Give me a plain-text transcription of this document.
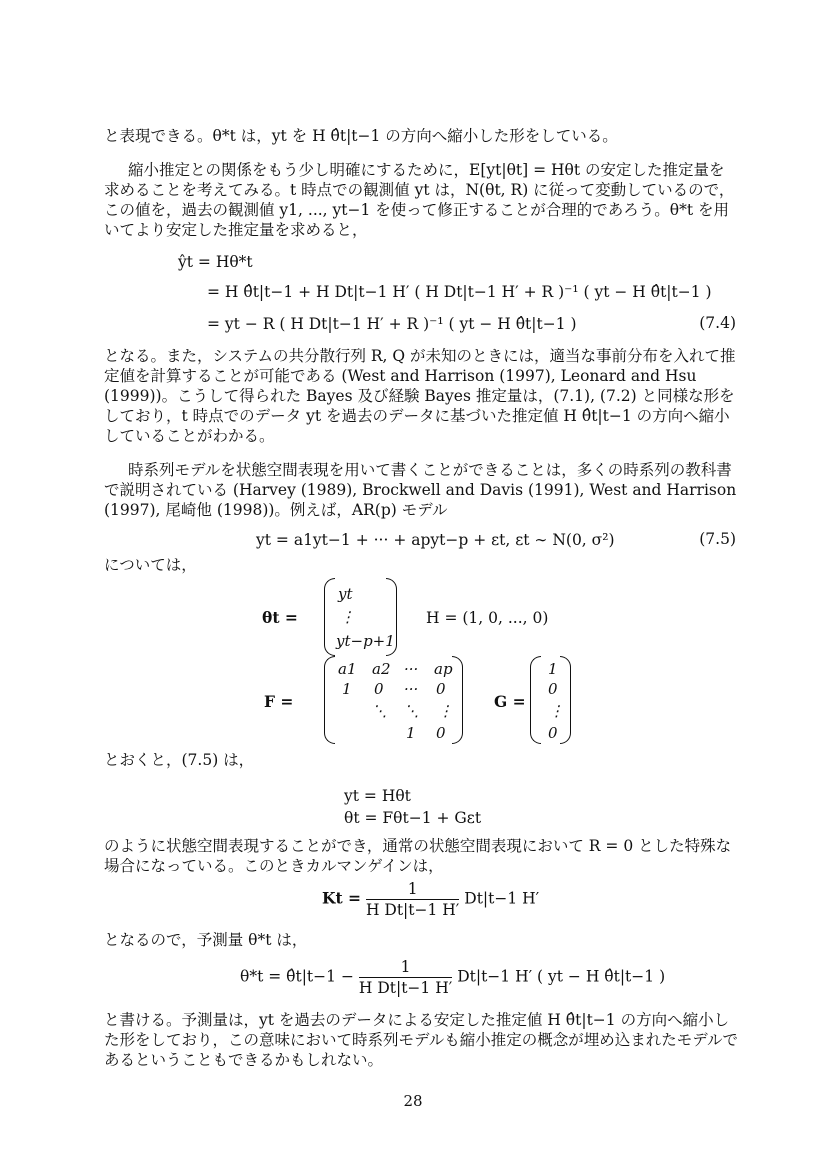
と表現できる。θ*t は，yt を H θ̂t|t−1 の方向へ縮小した形をしている。

縮小推定との関係をもう少し明確にするために，E[yt|θt] = Hθt の安定した推定量を求めることを考えてみる。t 時点での観測値 yt は，N(θt, R) に従って変動しているので，この値を，過去の観測値 y1, ..., yt−1 を使って修正することが合理的であろう。θ*t を用いてより安定した推定量を求めると，

ŷt = Hθ*t
= H θ̂t|t−1 + H Dt|t−1 H′ ( H Dt|t−1 H′ + R )⁻¹ ( yt − H θ̂t|t−1 )
= yt − R ( H Dt|t−1 H′ + R )⁻¹ ( yt − H θ̂t|t−1 )	(7.4)

となる。また，システムの共分散行列 R, Q が未知のときには，適当な事前分布を入れて推定値を計算することが可能である (West and Harrison (1997), Leonard and Hsu (1999))。こうして得られた Bayes 及び経験 Bayes 推定量は，(7.1), (7.2) と同様な形をしており，t 時点でのデータ yt を過去のデータに基づいた推定値 H θ̂t|t−1 の方向へ縮小していることがわかる。

時系列モデルを状態空間表現を用いて書くことができることは，多くの時系列の教科書で説明されている (Harvey (1989), Brockwell and Davis (1991), West and Harrison (1997), 尾崎他 (1998))。例えば，AR(p) モデル

yt = a1yt−1 + ··· + apyt−p + εt, εt ∼ N(0, σ²)	(7.5)

については，

θt =
yt
⋮
yt−p+1
H = (1, 0, ..., 0)
F =
a1 a2 ··· ap
1 0 ··· 0
⋱ ⋱ ⋮
1 0
G =
1
0
⋮
0

とおくと，(7.5) は，

yt = Hθt
θt = Fθt−1 + Gεt

のように状態空間表現することができ，通常の状態空間表現において R = 0 とした特殊な場合になっている。このときカルマンゲインは，

$Kt = \frac{1}{\text{H Dt|t−1 H′}} Dt|t-1$ H′

となるので，予測量 θ*t は，

θ*t = θ̂t|t−1 − $\frac{1}{\text{H Dt|t−1 H′}} Dt|t-1$ H′ ( yt − H θ̂t|t−1 )

と書ける。予測量は，yt を過去のデータによる安定した推定値 H θ̂t|t−1 の方向へ縮小した形をしており，この意味において時系列モデルも縮小推定の概念が埋め込まれたモデルであるということもできるかもしれない。

28
